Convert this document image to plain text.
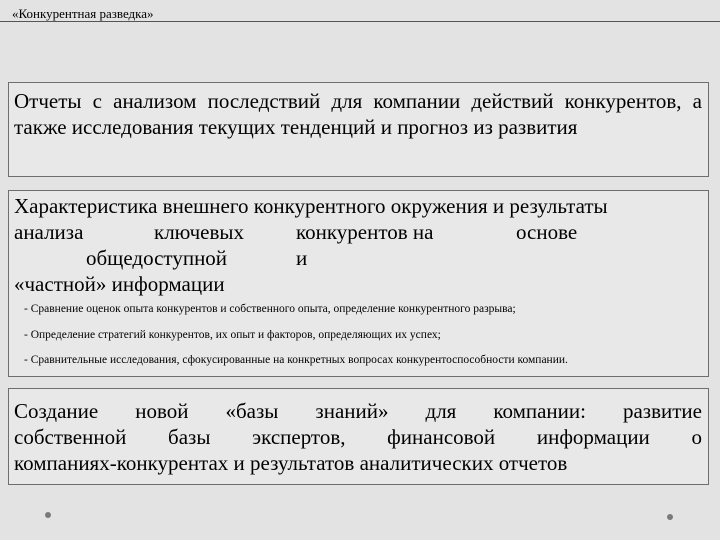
«Конкурентная разведка»
Отчеты с анализом последствий для компании действий конкурентов, а также исследования текущих тенденций и прогноз из развития
Характеристика внешнего конкурентного окружения и результаты
анализа	ключевых конкурентов на	основе
общедоступной	и
«частной» информации
- Сравнение оценок опыта конкурентов и собственного опыта, определение конкурентного разрыва;
- Определение стратегий конкурентов, их опыт и факторов, определяющих их успех;
- Сравнительные исследования, сфокусированные на конкретных вопросах конкурентоспособности компании.
Создание новой «базы знаний» для компании: развитие
собственной базы экспертов, финансовой информации о
компаниях-конкурентах и результатов аналитических отчетов
